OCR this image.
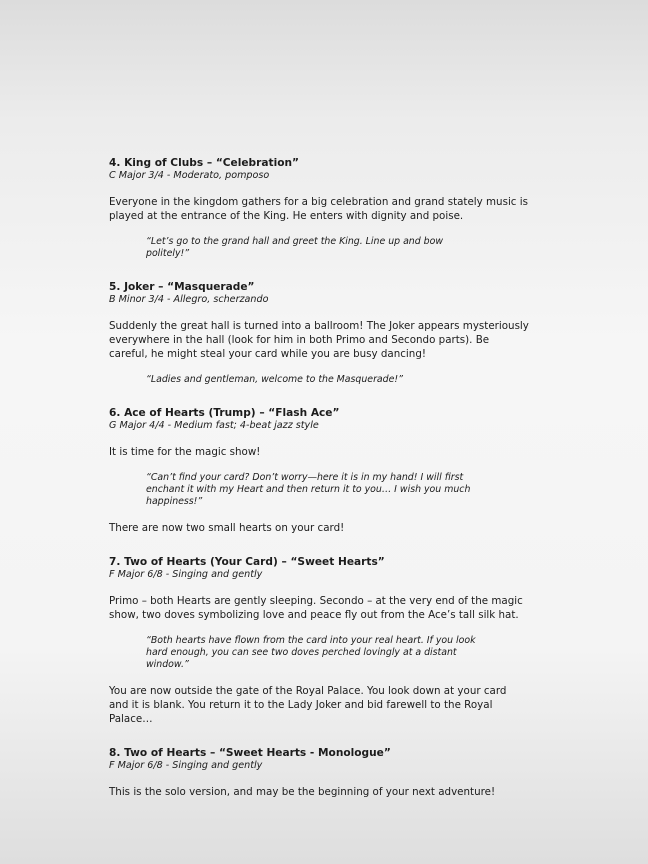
4. King of Clubs – “Celebration”

C Major 3/4 - Moderato, pomposo

Everyone in the kingdom gathers for a big celebration and grand stately music is played at the entrance of the King. He enters with dignity and poise.

“Let’s go to the grand hall and greet the King. Line up and bow politely!”

5. Joker – “Masquerade”

B Minor 3/4 - Allegro, scherzando

Suddenly the great hall is turned into a ballroom! The Joker appears mysteriously everywhere in the hall (look for him in both Primo and Secondo parts). Be careful, he might steal your card while you are busy dancing!

“Ladies and gentleman, welcome to the Masquerade!”

6. Ace of Hearts (Trump) – “Flash Ace”

G Major 4/4 - Medium fast; 4-beat jazz style

It is time for the magic show!

“Can’t find your card? Don’t worry—here it is in my hand! I will first enchant it with my Heart and then return it to you… I wish you much happiness!”

There are now two small hearts on your card!

7. Two of Hearts (Your Card) – “Sweet Hearts”

F Major 6/8 - Singing and gently

Primo – both Hearts are gently sleeping. Secondo – at the very end of the magic show, two doves symbolizing love and peace fly out from the Ace’s tall silk hat.

“Both hearts have flown from the card into your real heart. If you look hard enough, you can see two doves perched lovingly at a distant window.”

You are now outside the gate of the Royal Palace. You look down at your card and it is blank. You return it to the Lady Joker and bid farewell to the Royal Palace…

8. Two of Hearts – “Sweet Hearts - Monologue”

F Major 6/8 - Singing and gently

This is the solo version, and may be the beginning of your next adventure!
